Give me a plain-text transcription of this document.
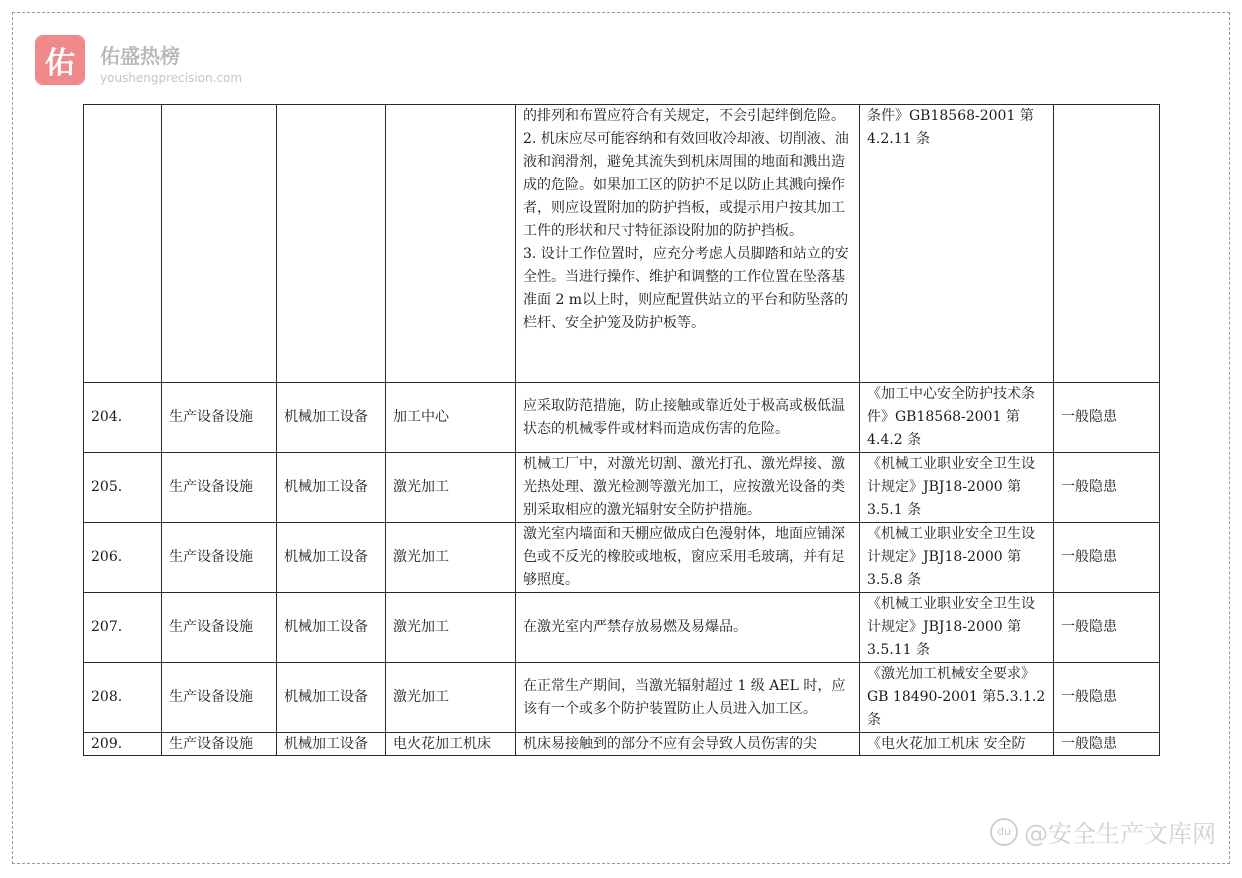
佑 佑盛热榜
youshengprecision.com

				的排列和布置应符合有关规定，不会引起绊倒危险。
2. 机床应尽可能容纳和有效回收冷却液、切削液、油液和润滑剂，避免其流失到机床周围的地面和溅出造成的危险。如果加工区的防护不足以防止其溅向操作者，则应设置附加的防护挡板，或提示用户按其加工工件的形状和尺寸特征添设附加的防护挡板。
3. 设计工作位置时，应充分考虑人员脚踏和站立的安全性。当进行操作、维护和调整的工作位置在坠落基准面 2 m以上时，则应配置供站立的平台和防坠落的栏杆、安全护笼及防护板等。	条件》GB18568-2001 第4.2.11 条	
204.	生产设备设施	机械加工设备	加工中心	应采取防范措施，防止接触或靠近处于极高或极低温状态的机械零件或材料而造成伤害的危险。	《加工中心安全防护技术条件》GB18568-2001 第4.4.2 条	一般隐患
205.	生产设备设施	机械加工设备	激光加工	机械工厂中，对激光切割、激光打孔、激光焊接、激光热处理、激光检测等激光加工，应按激光设备的类别采取相应的激光辐射安全防护措施。	《机械工业职业安全卫生设计规定》JBJ18-2000 第3.5.1 条	一般隐患
206.	生产设备设施	机械加工设备	激光加工	激光室内墙面和天棚应做成白色漫射体，地面应铺深色或不反光的橡胶或地板，窗应采用毛玻璃，并有足够照度。	《机械工业职业安全卫生设计规定》JBJ18-2000 第3.5.8 条	一般隐患
207.	生产设备设施	机械加工设备	激光加工	在激光室内严禁存放易燃及易爆品。	《机械工业职业安全卫生设计规定》JBJ18-2000 第3.5.11 条	一般隐患
208.	生产设备设施	机械加工设备	激光加工	在正常生产期间，当激光辐射超过 1 级 AEL 时，应该有一个或多个防护装置防止人员进入加工区。	《激光加工机械安全要求》GB 18490-2001 第5.3.1.2 条	一般隐患
209.	生产设备设施	机械加工设备	电火花加工机床	机床易接触到的部分不应有会导致人员伤害的尖	《电火花加工机床 安全防	一般隐患
du @安全生产文库网
